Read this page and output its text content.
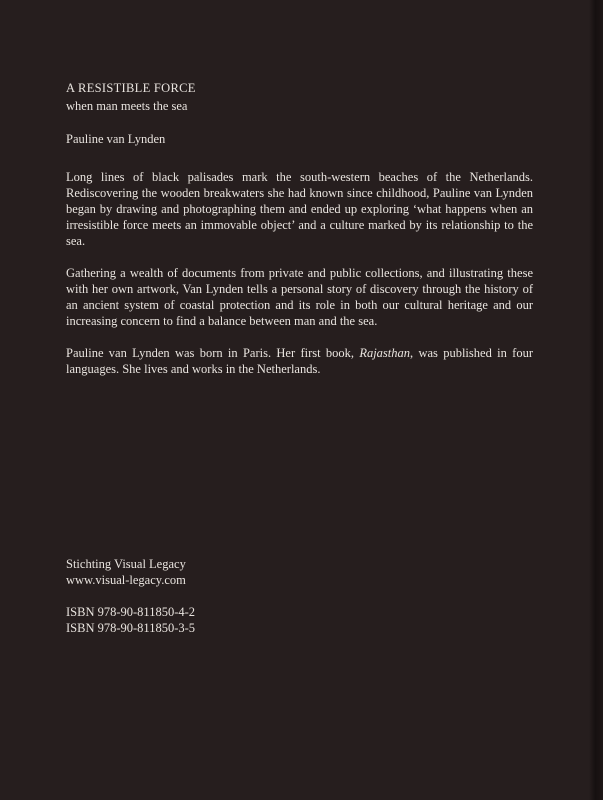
A RESISTIBLE FORCE

when man meets the sea

Pauline van Lynden

Long lines of black palisades mark the south-western beaches of the Netherlands. Rediscovering the wooden breakwaters she had known since childhood, Pauline van Lynden began by drawing and photographing them and ended up exploring ‘what happens when an irresistible force meets an immovable object’ and a culture marked by its relationship to the sea.

Gathering a wealth of documents from private and public collections, and illustrating these with her own artwork, Van Lynden tells a personal story of discovery through the history of an ancient system of coastal protection and its role in both our cultural heritage and our increasing concern to find a balance between man and the sea.

Pauline van Lynden was born in Paris. Her first book, Rajasthan, was published in four languages. She lives and works in the Netherlands.

Stichting Visual Legacy

www.visual-legacy.com

ISBN 978-90-811850-4-2

ISBN 978-90-811850-3-5
